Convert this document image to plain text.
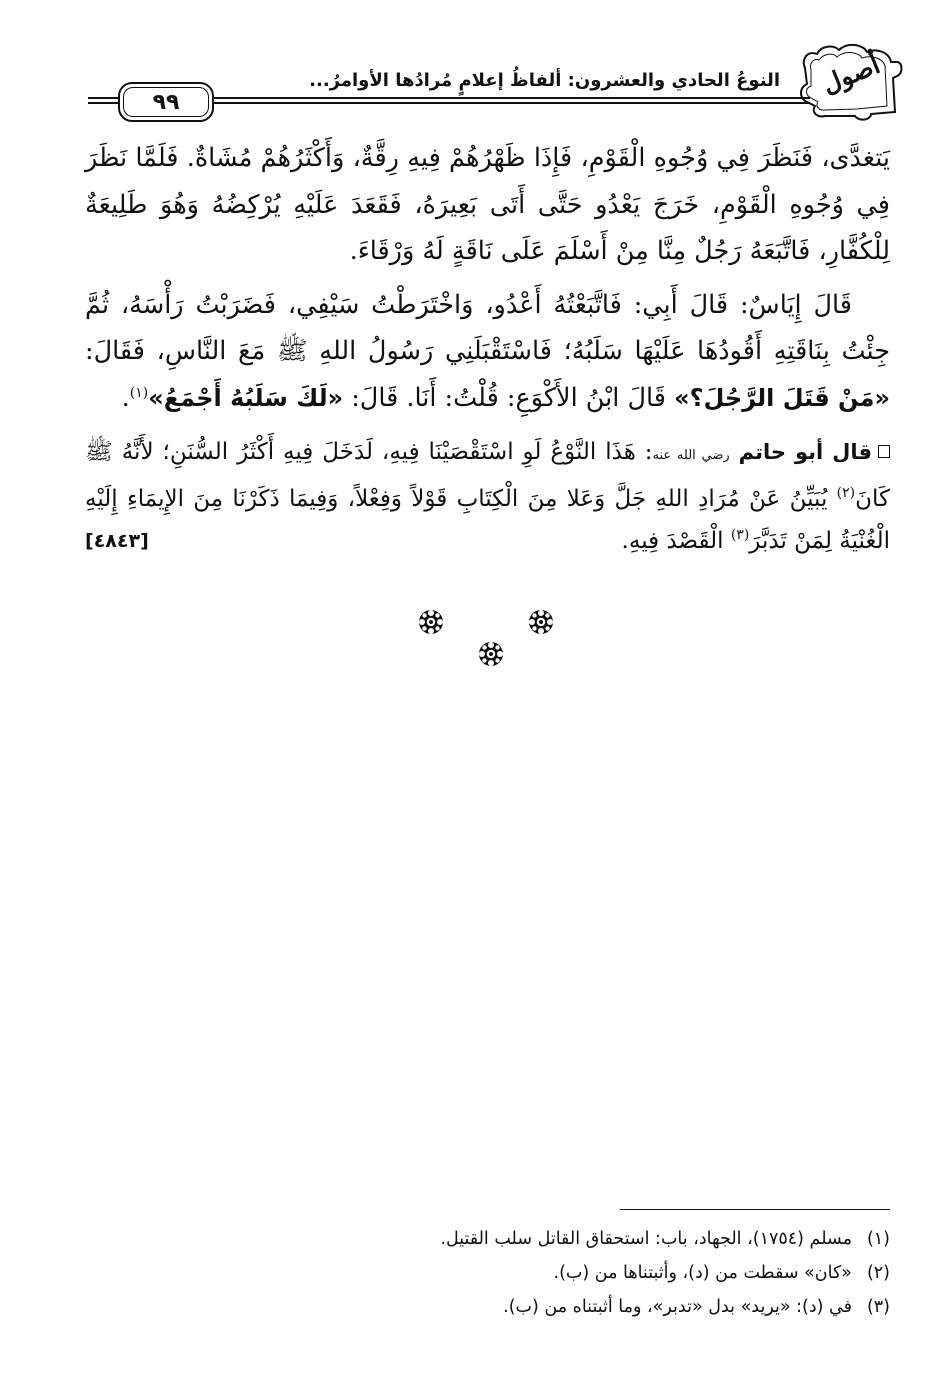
أصول
النوعُ الحادي والعشرون: ألفاظُ إعلامٍ مُرادُها الأوامرُ...
٩٩

يَتغدَّى، فَنَظَرَ فِي وُجُوهِ الْقَوْمِ، فَإِذَا ظَهْرُهُمْ فِيهِ رِقَّةٌ، وَأَكْثَرُهُمْ مُشَاةٌ. فَلَمَّا نَظَرَ فِي وُجُوهِ الْقَوْمِ، خَرَجَ يَعْدُو حَتَّى أَتَى بَعِيرَهُ، فَقَعَدَ عَلَيْهِ يُرْكِضُهُ وَهُوَ طَلِيعَةٌ لِلْكُفَّارِ، فَاتَّبَعَهُ رَجُلٌ مِنَّا مِنْ أَسْلَمَ عَلَى نَاقَةٍ لَهُ وَرْقَاءَ.

قَالَ إِيَاسٌ: قَالَ أَبِي: فَاتَّبَعْتُهُ أَعْدُو، وَاخْتَرَطْتُ سَيْفِي، فَضَرَبْتُ رَأْسَهُ، ثُمَّ جِئْتُ بِنَاقَتِهِ أَقُودُهَا عَلَيْهَا سَلَبُهُ؛ فَاسْتَقْبَلَنِي رَسُولُ اللهِ ﷺ مَعَ النَّاسِ، فَقَالَ: «مَنْ قَتَلَ الرَّجُلَ؟» قَالَ ابْنُ الأَكْوَعِ: قُلْتُ: أَنَا. قَالَ: «لَكَ سَلَبُهُ أَجْمَعُ»$^{(١)}$.

قال أبو حاتم رضي الله عنه: هَذَا النَّوْعُ لَوِ اسْتَقْصَيْنَا فِيهِ، لَدَخَلَ فِيهِ أَكْثَرُ السُّنَنِ؛ لأَنَّهُ ﷺ كَانَ$^{(٢)}$ يُبَيِّنُ عَنْ مُرَادِ اللهِ جَلَّ وَعَلا مِنَ الْكِتَابِ قَوْلاً وَفِعْلاً، وَفِيمَا ذَكَرْنَا مِنَ الإِيمَاءِ إِلَيْهِ الْغُنْيَةُ لِمَنْ تَدَبَّرَ$^{(٣)}$ الْقَصْدَ فِيهِ.
[٤٨٤٣]

(١)مسلم (١٧٥٤)، الجهاد، باب: استحقاق القاتل سلب القتيل.
(٢)«كان» سقطت من (د)، وأثبتناها من (ب).
(٣)في (د): «يريد» بدل «تدبر»، وما أثبتناه من (ب).
